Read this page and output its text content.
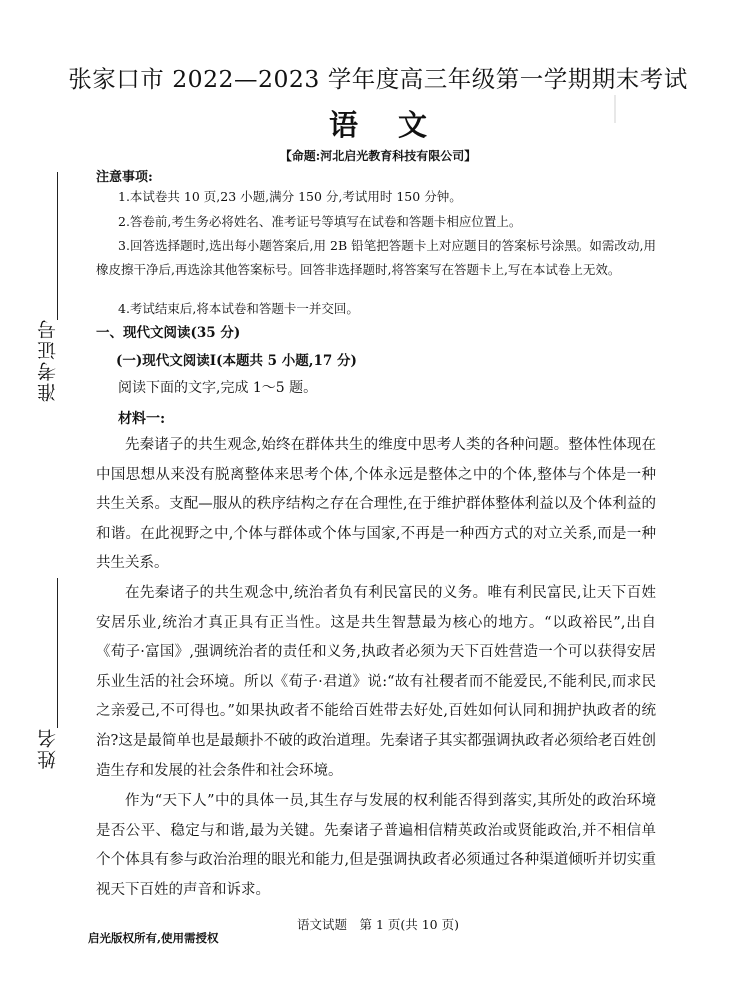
张家口市 2022—2023 学年度高三年级第一学期期末考试
语文
【命题:河北启光教育科技有限公司】
注意事项:
1.本试卷共 10 页,23 小题,满分 150 分,考试用时 150 分钟。
2.答卷前,考生务必将姓名、准考证号等填写在试卷和答题卡相应位置上。
3.回答选择题时,选出每小题答案后,用 2B 铅笔把答题卡上对应题目的答案标号涂黑。如需改动,用橡皮擦干净后,再选涂其他答案标号。回答非选择题时,将答案写在答题卡上,写在本试卷上无效。
4.考试结束后,将本试卷和答题卡一并交回。
一、现代文阅读(35 分)
(一)现代文阅读Ⅰ(本题共 5 小题,17 分)
阅读下面的文字,完成 1～5 题。
材料一:
先秦诸子的共生观念,始终在群体共生的维度中思考人类的各种问题。整体性体现在中国思想从来没有脱离整体来思考个体,个体永远是整体之中的个体,整体与个体是一种共生关系。支配—服从的秩序结构之存在合理性,在于维护群体整体利益以及个体利益的和谐。在此视野之中,个体与群体或个体与国家,不再是一种西方式的对立关系,而是一种共生关系。
在先秦诸子的共生观念中,统治者负有利民富民的义务。唯有利民富民,让天下百姓安居乐业,统治才真正具有正当性。这是共生智慧最为核心的地方。“以政裕民”,出自《荀子·富国》,强调统治者的责任和义务,执政者必须为天下百姓营造一个可以获得安居乐业生活的社会环境。所以《荀子·君道》说:“故有社稷者而不能爱民,不能利民,而求民之亲爱己,不可得也。”如果执政者不能给百姓带去好处,百姓如何认同和拥护执政者的统治?这是最简单也是最颠扑不破的政治道理。先秦诸子其实都强调执政者必须给老百姓创造生存和发展的社会条件和社会环境。
作为“天下人”中的具体一员,其生存与发展的权利能否得到落实,其所处的政治环境是否公平、稳定与和谐,最为关键。先秦诸子普遍相信精英政治或贤能政治,并不相信单个个体具有参与政治治理的眼光和能力,但是强调执政者必须通过各种渠道倾听并切实重视天下百姓的声音和诉求。
准考证号
姓名
语文试题　第 1 页(共 10 页)
启光版权所有,使用需授权
